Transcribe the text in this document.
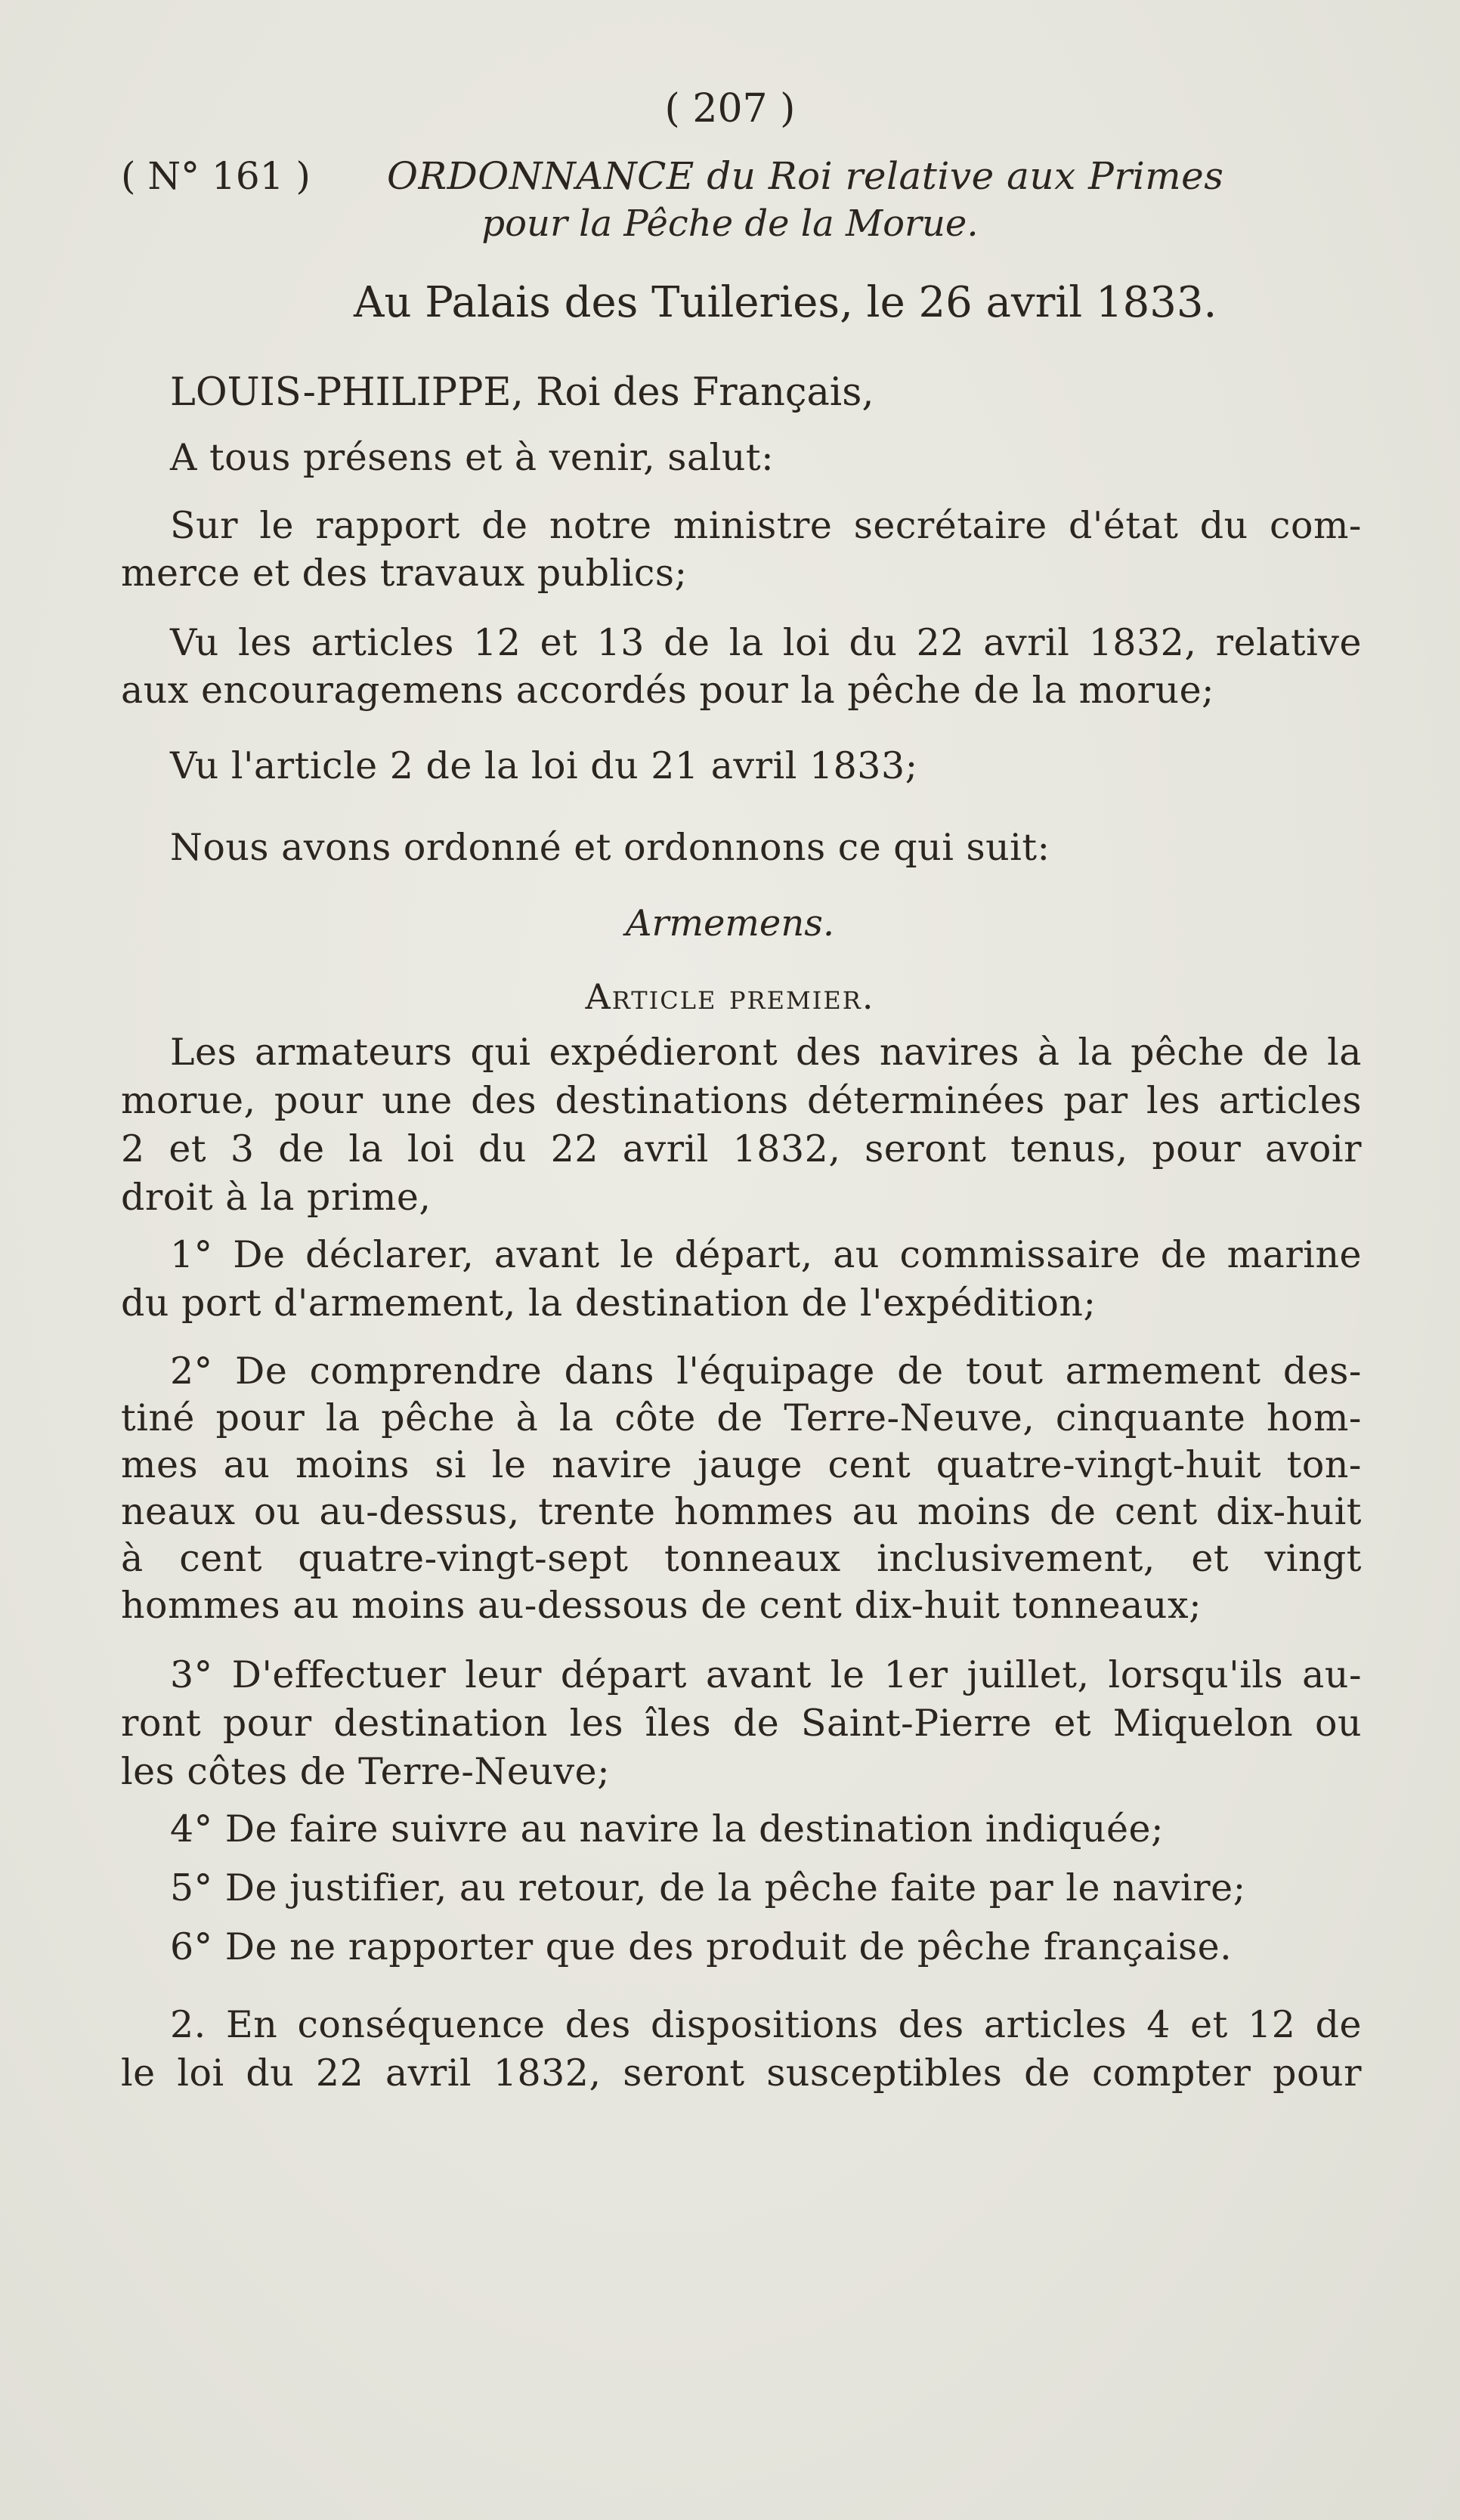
( 207 )
( N° 161 ) ORDONNANCE du Roi relative aux Primes
pour la Pêche de la Morue.
Au Palais des Tuileries, le 26 avril 1833.
LOUIS-PHILIPPE, Roi des Français,
A tous présens et à venir, salut:
Sur le rapport de notre ministre secrétaire d'état du com-
merce et des travaux publics;
Vu les articles 12 et 13 de la loi du 22 avril 1832, relative
aux encouragemens accordés pour la pêche de la morue;
Vu l'article 2 de la loi du 21 avril 1833;
Nous avons ordonné et ordonnons ce qui suit:
Armemens.
Article premier.
Les armateurs qui expédieront des navires à la pêche de la
morue, pour une des destinations déterminées par les articles
2 et 3 de la loi du 22 avril 1832, seront tenus, pour avoir
droit à la prime,
1° De déclarer, avant le départ, au commissaire de marine
du port d'armement, la destination de l'expédition;
2° De comprendre dans l'équipage de tout armement des-
tiné pour la pêche à la côte de Terre-Neuve, cinquante hom-
mes au moins si le navire jauge cent quatre-vingt-huit ton-
neaux ou au-dessus, trente hommes au moins de cent dix-huit
à cent quatre-vingt-sept tonneaux inclusivement, et vingt
hommes au moins au-dessous de cent dix-huit tonneaux;
3° D'effectuer leur départ avant le 1er juillet, lorsqu'ils au-
ront pour destination les îles de Saint-Pierre et Miquelon ou
les côtes de Terre-Neuve;
4° De faire suivre au navire la destination indiquée;
5° De justifier, au retour, de la pêche faite par le navire;
6° De ne rapporter que des produit de pêche française.
2. En conséquence des dispositions des articles 4 et 12 de
le loi du 22 avril 1832, seront susceptibles de compter pour
